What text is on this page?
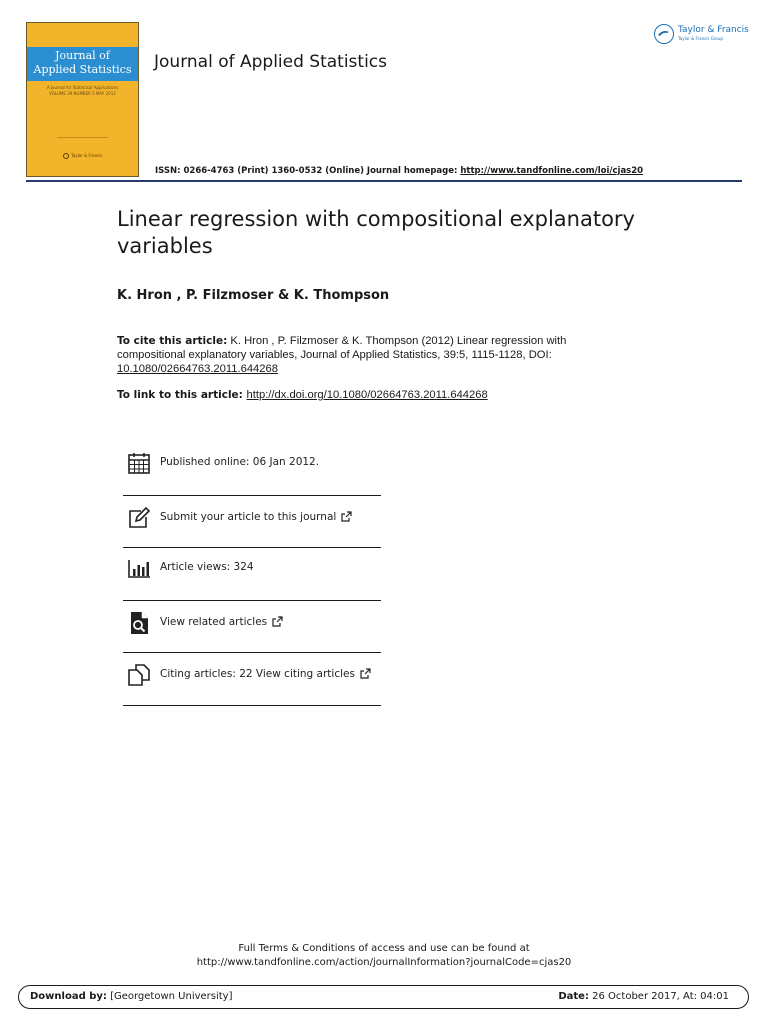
Journal of
Applied Statistics
A Journal for Statistical Applications
VOLUME 39 NUMBER 5 MAY 2012
Taylor & Francis
Journal of Applied Statistics
Taylor & Francis
Taylor & Francis Group
ISSN: 0266-4763 (Print) 1360-0532 (Online) Journal homepage: http://www.tandfonline.com/loi/cjas20
Linear regression with compositional explanatory variables
K. Hron , P. Filzmoser & K. Thompson
To cite this article: K. Hron , P. Filzmoser & K. Thompson (2012) Linear regression with compositional explanatory variables, Journal of Applied Statistics, 39:5, 1115-1128, DOI: 10.1080/02664763.2011.644268
To link to this article: http://dx.doi.org/10.1080/02664763.2011.644268
Published online: 06 Jan 2012.
Submit your article to this journal
Article views: 324
View related articles
Citing articles: 22 View citing articles
Full Terms & Conditions of access and use can be found at
http://www.tandfonline.com/action/journalInformation?journalCode=cjas20
Download by: [Georgetown University]	Date: 26 October 2017, At: 04:01
